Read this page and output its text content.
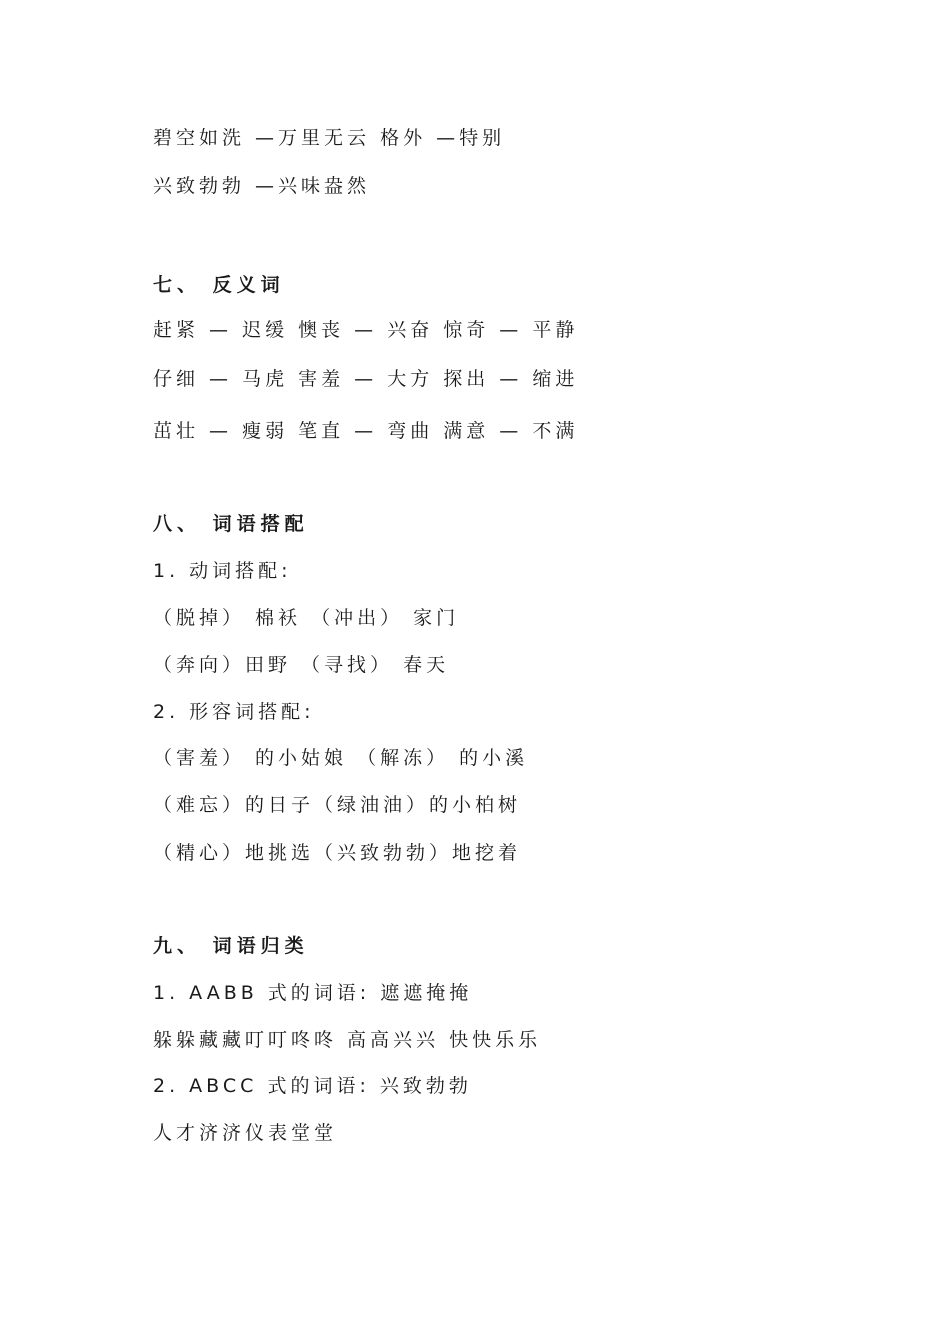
碧空如洗 —万里无云 格外 —特别
兴致勃勃 —兴味盎然
七、 反义词
赶紧 — 迟缓 懊丧 — 兴奋 惊奇 — 平静
仔细 — 马虎 害羞 — 大方 探出 — 缩进
茁壮 — 瘦弱 笔直 — 弯曲 满意 — 不满
八、 词语搭配
1. 动词搭配:
（脱掉） 棉袄 （冲出） 家门
（奔向）田野 （寻找） 春天
2. 形容词搭配:
（害羞） 的小姑娘 （解冻） 的小溪
（难忘）的日子（绿油油）的小柏树
（精心）地挑选（兴致勃勃）地挖着
九、 词语归类
1. AABB 式的词语: 遮遮掩掩
躲躲藏藏叮叮咚咚 高高兴兴 快快乐乐
2. ABCC 式的词语: 兴致勃勃
人才济济仪表堂堂
